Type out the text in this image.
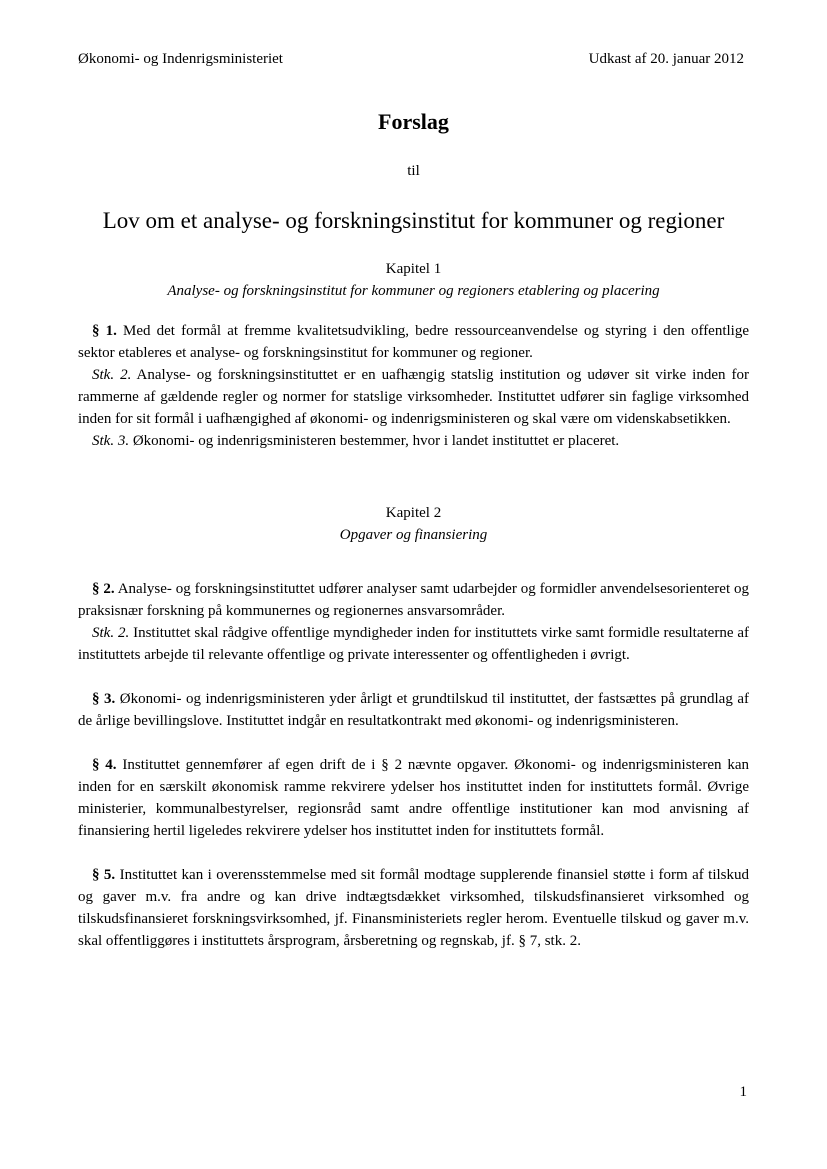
Økonomi- og Indenrigsministeriet	Udkast af 20. januar 2012
Forslag
til
Lov om et analyse- og forskningsinstitut for kommuner og regioner

Kapitel 1

Analyse- og forskningsinstitut for kommuner og regioners etablering og placering

§ 1. Med det formål at fremme kvalitetsudvikling, bedre ressourceanvendelse og styring i den offentlige sektor etableres et analyse- og forskningsinstitut for kommuner og regioner.

Stk. 2. Analyse- og forskningsinstituttet er en uafhængig statslig institution og udøver sit virke inden for rammerne af gældende regler og normer for statslige virksomheder. Instituttet udfører sin faglige virksomhed inden for sit formål i uafhængighed af økonomi- og indenrigsministeren og skal være om videnskabsetikken.

Stk. 3. Økonomi- og indenrigsministeren bestemmer, hvor i landet instituttet er placeret.

Kapitel 2

Opgaver og finansiering

§ 2. Analyse- og forskningsinstituttet udfører analyser samt udarbejder og formidler anvendelsesorienteret og praksisnær forskning på kommunernes og regionernes ansvarsområder.

Stk. 2. Instituttet skal rådgive offentlige myndigheder inden for instituttets virke samt formidle resultaterne af instituttets arbejde til relevante offentlige og private interessenter og offentligheden i øvrigt.

§ 3. Økonomi- og indenrigsministeren yder årligt et grundtilskud til instituttet, der fastsættes på grundlag af de årlige bevillingslove. Instituttet indgår en resultatkontrakt med økonomi- og indenrigsministeren.

§ 4. Instituttet gennemfører af egen drift de i § 2 nævnte opgaver. Økonomi- og indenrigsministeren kan inden for en særskilt økonomisk ramme rekvirere ydelser hos instituttet inden for instituttets formål. Øvrige ministerier, kommunalbestyrelser, regionsråd samt andre offentlige institutioner kan mod anvisning af finansiering hertil ligeledes rekvirere ydelser hos instituttet inden for instituttets formål.

§ 5. Instituttet kan i overensstemmelse med sit formål modtage supplerende finansiel støtte i form af tilskud og gaver m.v. fra andre og kan drive indtægtsdækket virksomhed, tilskudsfinansieret virksomhed og tilskudsfinansieret forskningsvirksomhed, jf. Finansministeriets regler herom. Eventuelle tilskud og gaver m.v. skal offentliggøres i instituttets årsprogram, årsberetning og regnskab, jf. § 7, stk. 2.

1
